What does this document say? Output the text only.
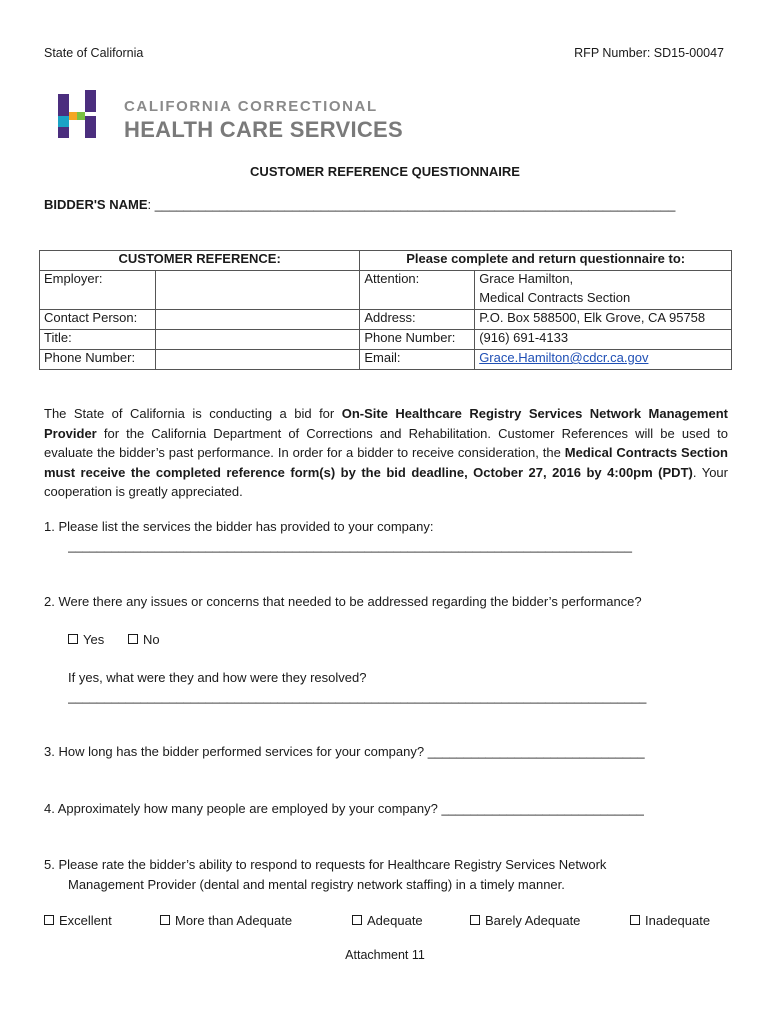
State of California	RFP Number: SD15-00047
CALIFORNIA CORRECTIONAL
HEALTH CARE SERVICES
CUSTOMER REFERENCE QUESTIONNAIRE
BIDDER'S NAME: ________________________________________________________________________
CUSTOMER REFERENCE:		Please complete and return questionnaire to:	
Employer:		Attention:	Grace Hamilton,
			Medical Contracts Section
Contact Person:		Address:	P.O. Box 588500, Elk Grove, CA 95758
Title:		Phone Number:	(916) 691-4133
Phone Number:		Email:	Grace.Hamilton@cdcr.ca.gov
The State of California is conducting a bid for On-Site Healthcare Registry Services Network Management Provider for the California Department of Corrections and Rehabilitation. Customer References will be used to evaluate the bidder’s past performance. In order for a bidder to receive consideration, the Medical Contracts Section must receive the completed reference form(s) by the bid deadline, October 27, 2016 by 4:00pm (PDT). Your cooperation is greatly appreciated.
1. Please list the services the bidder has provided to your company:
______________________________________________________________________________
2. Were there any issues or concerns that needed to be addressed regarding the bidder’s performance?
Yes	No
If yes, what were they and how were they resolved?
________________________________________________________________________________
3. How long has the bidder performed services for your company? ______________________________
4. Approximately how many people are employed by your company? ____________________________
5. Please rate the bidder’s ability to respond to requests for Healthcare Registry Services Network
Management Provider (dental and mental registry network staffing) in a timely manner.
Excellent	More than Adequate	Adequate	Barely Adequate	Inadequate
Attachment 11
